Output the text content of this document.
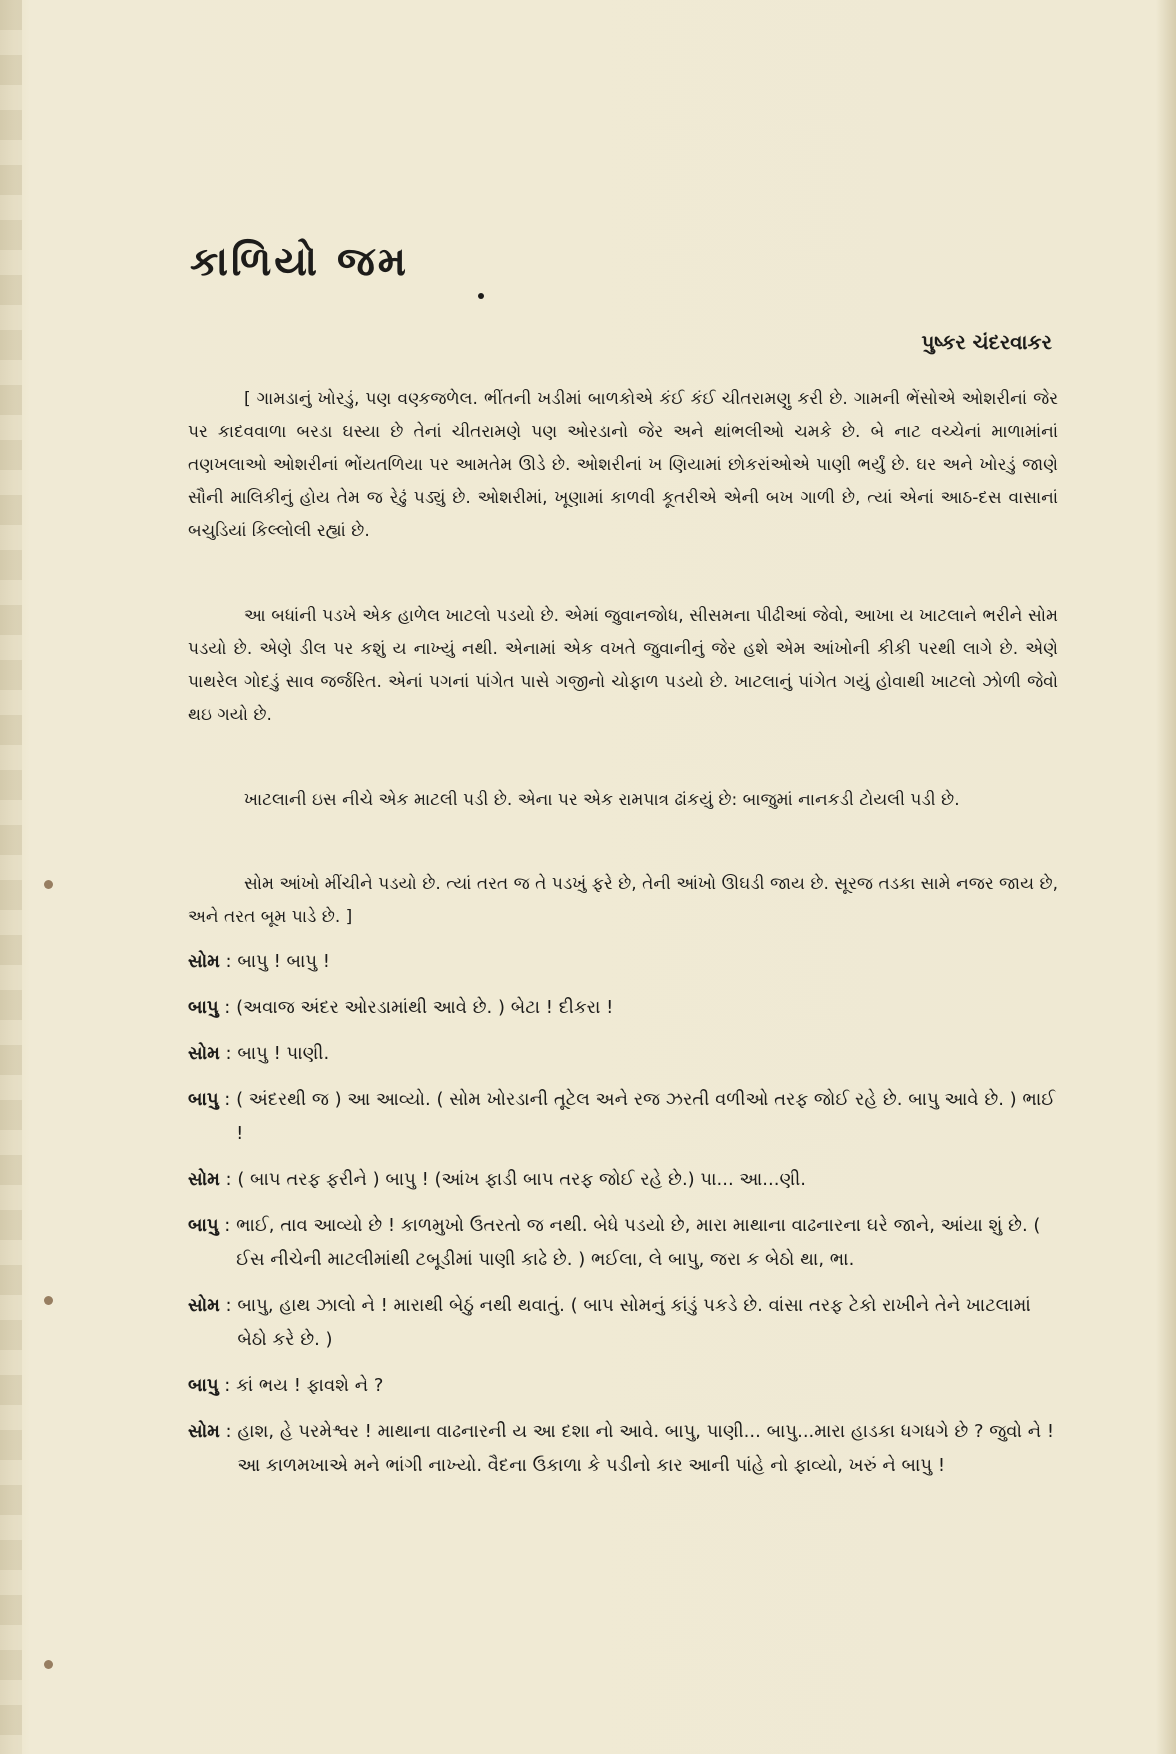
કાળિયો જમ

પુષ્કર ચંદરવાકર

[ ગામડાનું ખોરડું, પણ વણ્કજળેલ. ભીંતની ખડીમાં બાળકોએ કંઈ કંઈ ચીતરામણુ કરી છે. ગામની ભેંસોએ ઓશરીનાં જેર પર કાદવવાળા બરડા ઘસ્યા છે તેનાં ચીતરામણે પણ ઓરડાનો જેર અને થાંભલીઓ ચમકે છે. બે નાટ વચ્ચેનાં માળામાંનાં તણખલાઓ ઓશરીનાં ભોંયતળિયા પર આમતેમ ઊડે છે. ઓશરીનાં ખ ણિયામાં છોકરાંઓએ પાણી ભર્યું છે. ઘર અને ખોરડું જાણે સૌની માલિકીનું હોય તેમ જ રેઢું પડ્યું છે. ઓશરીમાં, ખૂણામાં કાળવી કૂતરીએ એની બખ ગાળી છે, ત્યાં એનાં આઠ-દસ વાસાનાં બચુડિયાં કિલ્લોલી રહ્યાં છે.

આ બધાંની પડખે એક હાળેલ ખાટલો પડયો છે. એમાં જુવાનજોધ, સીસમના પીઢીઆં જેવો, આખા ય ખાટલાને ભરીને સોમ પડયો છે. એણે ડીલ પર કશું ય નાખ્યું નથી. એનામાં એક વખતે જુવાનીનું જેર હશે એમ આંખોની કીકી પરથી લાગે છે. એણે પાથરેલ ગોદડું સાવ જર્જરિત. એનાં પગનાં પાંગેત પાસે ગજીનો ચોફાળ પડયો છે. ખાટલાનું પાંગેત ગયું હોવાથી ખાટલો ઝોળી જેવો થઇ ગયો છે.

ખાટલાની ઇસ નીચે એક માટલી પડી છે. એના પર એક રામપાત્ર ઢાંકયું છે: બાજુમાં નાનકડી ટોયલી પડી છે.

સોમ આંખો મીંચીને પડયો છે. ત્યાં તરત જ તે પડખું ફરે છે, તેની આંખો ઊઘડી જાય છે. સૂરજ તડકા સામે નજર જાય છે, અને તરત બૂમ પાડે છે. ]

સોમ : બાપુ ! બાપુ !
બાપુ : (અવાજ અંદર ઓરડામાંથી આવે છે. ) બેટા ! દીકરા !
સોમ : બાપુ ! પાણી.
બાપુ : ( અંદરથી જ ) આ આવ્યો. ( સોમ ખોરડાની તૂટેલ અને રજ ઝરતી વળીઓ તરફ જોઈ રહે છે. બાપુ આવે છે. ) ભાઈ !
સોમ : ( બાપ તરફ ફરીને ) બાપુ ! (આંખ ફાડી બાપ તરફ જોઈ રહે છે.) પા... આ...ણી.
બાપુ : ભાઈ, તાવ આવ્યો છે ! કાળમુખો ઉતરતો જ નથી. બેધે પડયો છે, મારા માથાના વાઢનારના ઘરે જાને, આંયા શું છે. ( ઈસ નીચેની માટલીમાંથી ટબૂડીમાં પાણી કાઢે છે. ) ભઈલા, લે બાપુ, જરા ક બેઠો થા, ભા.
સોમ : બાપુ, હાથ ઝાલો ને ! મારાથી બેઠું નથી થવાતું. ( બાપ સોમનું કાંડું પકડે છે. વાંસા તરફ ટેકો રાખીને તેને ખાટલામાં બેઠો કરે છે. )
બાપુ : કાં ભય ! ફાવશે ને ?
સોમ : હાશ, હે પરમેશ્વર ! માથાના વાઢનારની ય આ દશા નો આવે. બાપુ, પાણી... બાપુ...મારા હાડકા ધગધગે છે ? જુવો ને ! આ કાળમખાએ મને ભાંગી નાખ્યો. વૈદના ઉકાળા કે પડીનો કાર આની પાંહે નો ફાવ્યો, ખરું ને બાપુ !
